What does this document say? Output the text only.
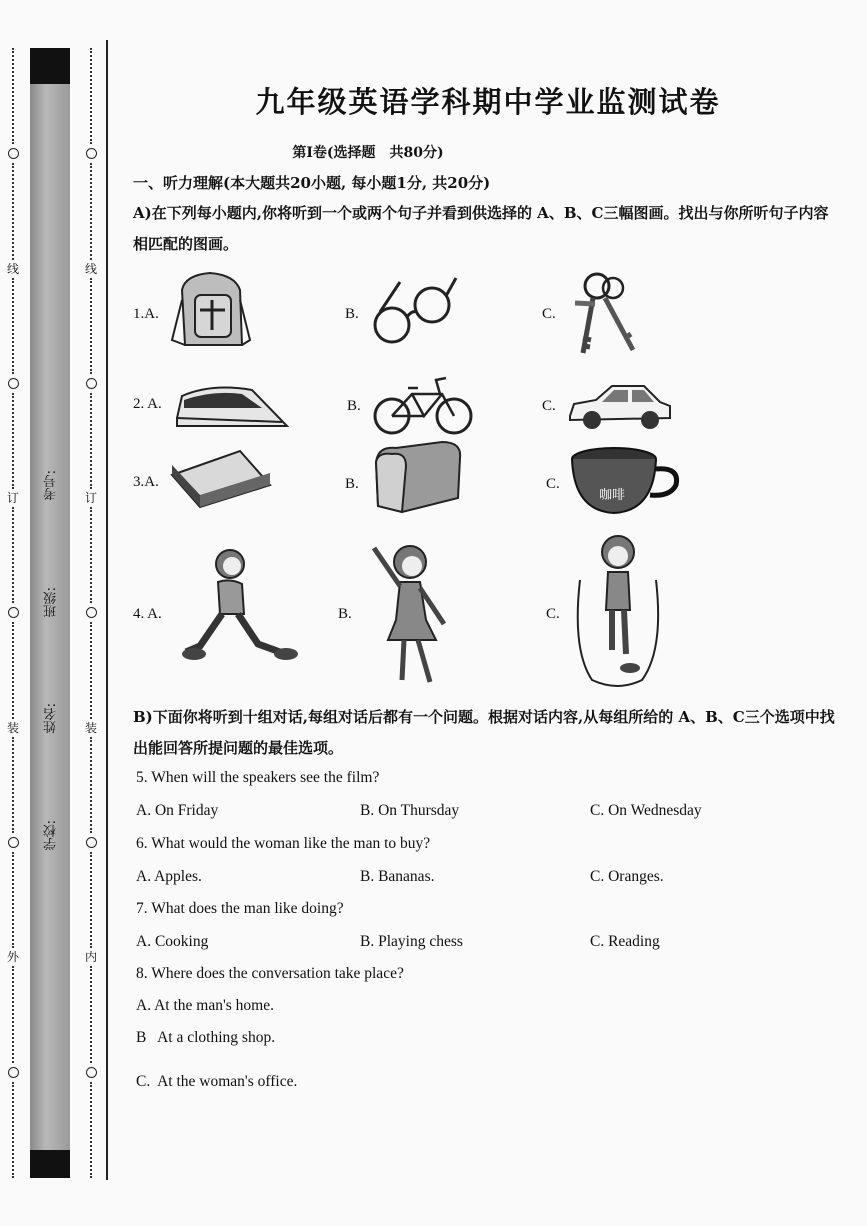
线
订
装
外
考号:
班级:
姓名:
学校:
线
订
装
内
九年级英语学科期中学业监测试卷
第Ⅰ卷(选择题　共80分)
一、听力理解(本大题共20小题, 每小题1分, 共20分)
A)在下列每小题内,你将听到一个或两个句子并看到供选择的 A、B、C三幅图画。找出与你所听句子内容相匹配的图画。
1.A.	B.	C.
2. A.	B.	C.
3.A.	B.	C.
咖啡
4. A.	B.	C.
B)下面你将听到十组对话,每组对话后都有一个问题。根据对话内容,从每组所给的 A、B、C三个选项中找出能回答所提问题的最佳选项。
5. When will the speakers see the film?
A. On Friday	B. On Thursday	C. On Wednesday
6. What would the woman like the man to buy?
A. Apples.	B. Bananas.	C. Oranges.
7. What does the man like doing?
A. Cooking	B. Playing chess	C. Reading
8. Where does the conversation take place?
A. At the man's home.
B   At a clothing shop.
C.  At the woman's office.
